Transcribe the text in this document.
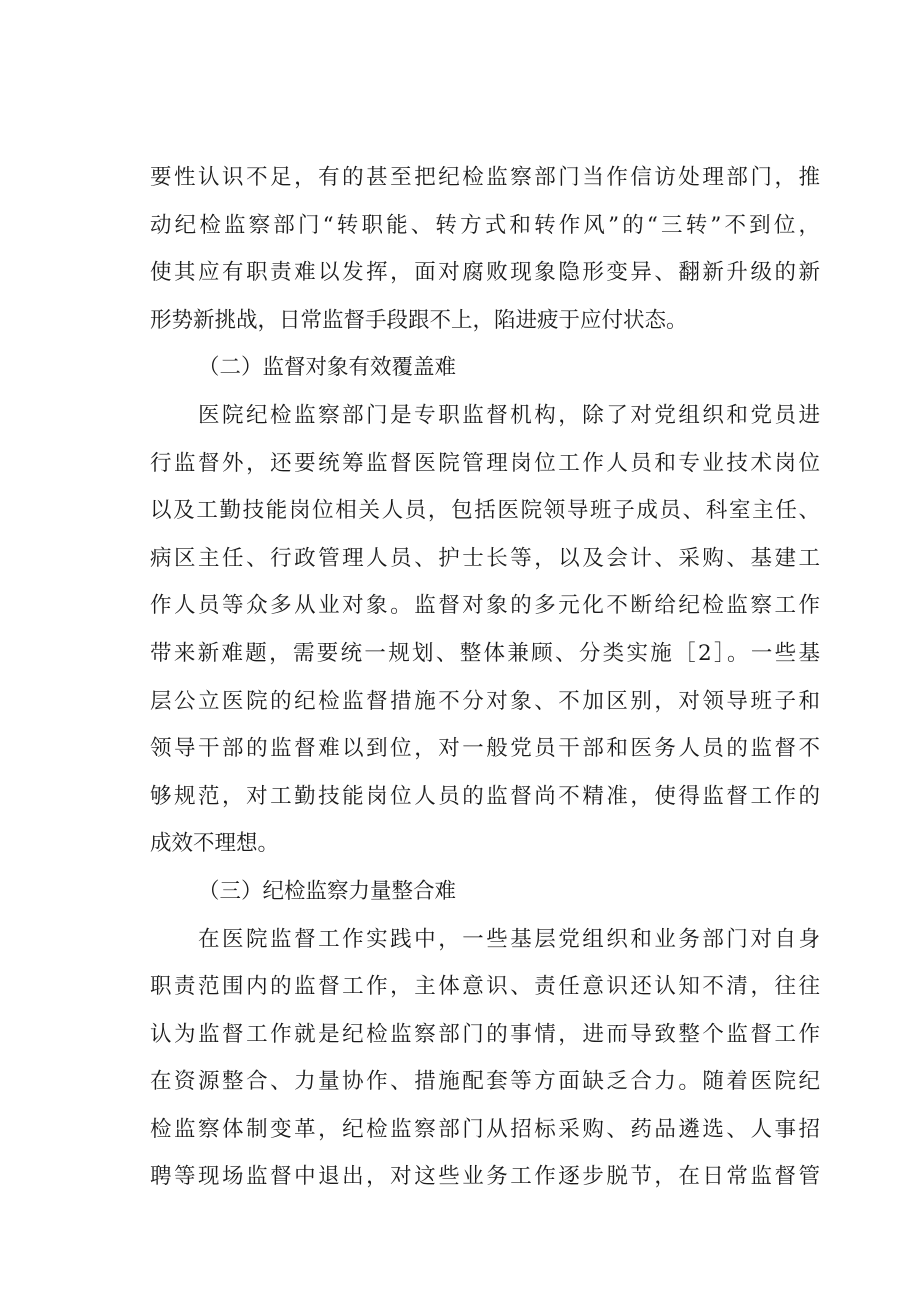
要性认识不足，有的甚至把纪检监察部门当作信访处理部门，推
动纪检监察部门“转职能、转方式和转作风”的“三转”不到位，
使其应有职责难以发挥，面对腐败现象隐形变异、翻新升级的新
形势新挑战，日常监督手段跟不上，陷进疲于应付状态。
（二）监督对象有效覆盖难
医院纪检监察部门是专职监督机构，除了对党组织和党员进
行监督外，还要统筹监督医院管理岗位工作人员和专业技术岗位
以及工勤技能岗位相关人员，包括医院领导班子成员、科室主任、
病区主任、行政管理人员、护士长等，以及会计、采购、基建工
作人员等众多从业对象。监督对象的多元化不断给纪检监察工作
带来新难题，需要统一规划、整体兼顾、分类实施［2］。一些基
层公立医院的纪检监督措施不分对象、不加区别，对领导班子和
领导干部的监督难以到位，对一般党员干部和医务人员的监督不
够规范，对工勤技能岗位人员的监督尚不精准，使得监督工作的
成效不理想。
（三）纪检监察力量整合难
在医院监督工作实践中，一些基层党组织和业务部门对自身
职责范围内的监督工作，主体意识、责任意识还认知不清，往往
认为监督工作就是纪检监察部门的事情，进而导致整个监督工作
在资源整合、力量协作、措施配套等方面缺乏合力。随着医院纪
检监察体制变革，纪检监察部门从招标采购、药品遴选、人事招
聘等现场监督中退出，对这些业务工作逐步脱节，在日常监督管
